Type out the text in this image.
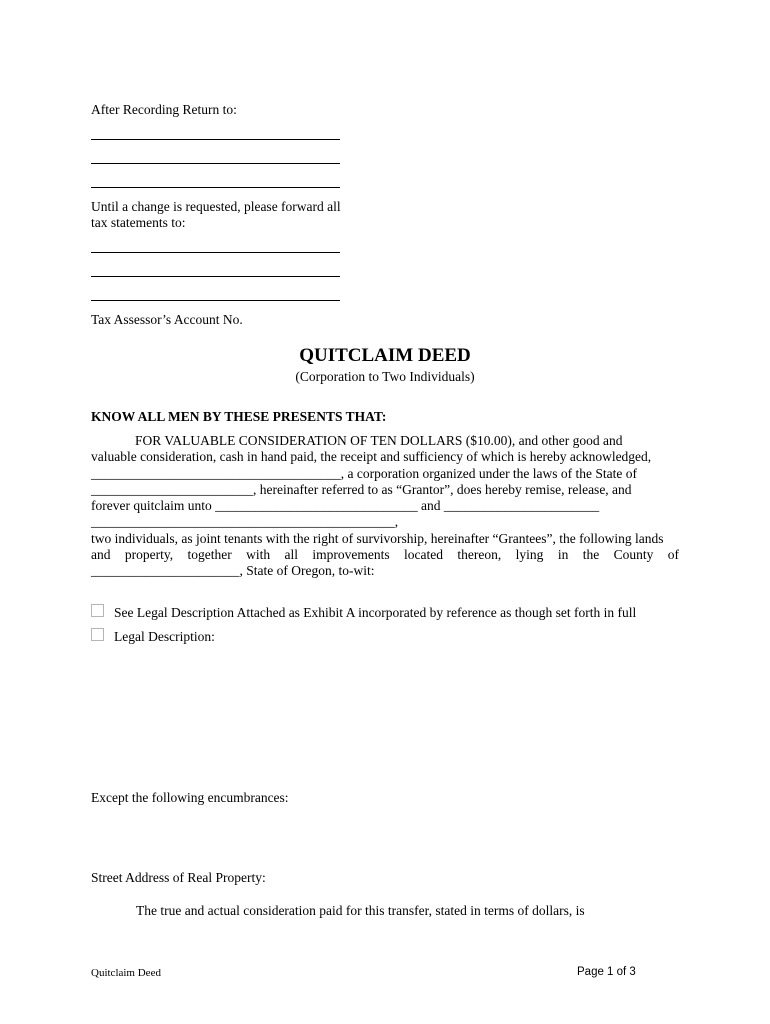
After Recording Return to:
Until a change is requested, please forward all
tax statements to:
Tax Assessor’s Account No.
QUITCLAIM DEED
(Corporation to Two Individuals)
KNOW ALL MEN BY THESE PRESENTS THAT:
FOR VALUABLE CONSIDERATION OF TEN DOLLARS ($10.00), and other good and
valuable consideration, cash in hand paid, the receipt and sufficiency of which is hereby acknowledged,
_____________________________________, a corporation organized under the laws of the State of
________________________, hereinafter referred to as “Grantor”, does hereby remise, release, and
forever quitclaim unto ______________________________ and _______________________
_____________________________________________,
two individuals, as joint tenants with the right of survivorship, hereinafter “Grantees”, the following lands
and property, together with all improvements located thereon, lying in the County of
______________________, State of Oregon, to-wit:
See Legal Description Attached as Exhibit A incorporated by reference as though set forth in full
Legal Description:
Except the following encumbrances:
Street Address of Real Property:
The true and actual consideration paid for this transfer, stated in terms of dollars, is
Quitclaim Deed	Page 1 of 3
